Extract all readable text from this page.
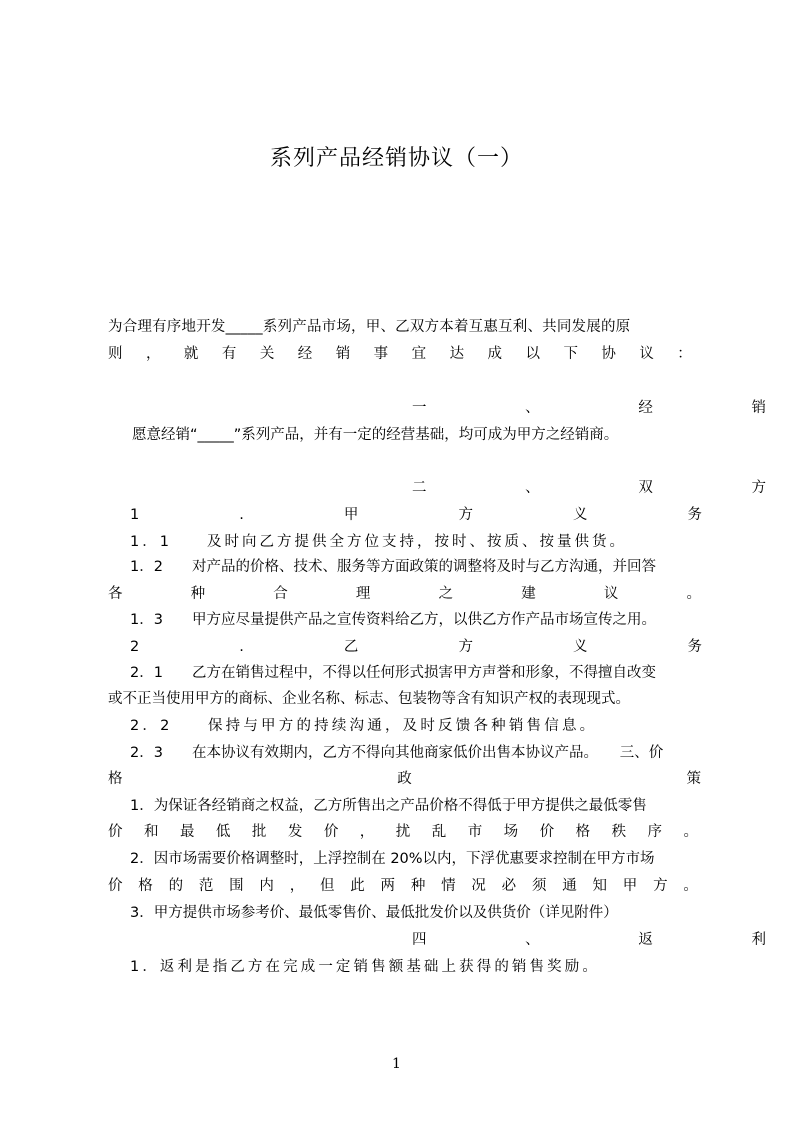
系列产品经销协议（一）
为合理有序地开发_____系列产品市场，甲、乙双方本着互惠互利、共同发展的原
则 ， 就 有 关 经 销 事 宜 达 成 以 下 协 议 ：
一	、	经	销
愿意经销“_____”系列产品，并有一定的经营基础，均可成为甲方之经销商。
二	、	双	方
1	.	甲	方	义	务
1．1　　及时向乙方提供全方位支持，按时、按质、按量供货。
1．2　　对产品的价格、技术、服务等方面政策的调整将及时与乙方沟通，并回答
各	种	合	理	之	建	议	。
1．3　　甲方应尽量提供产品之宣传资料给乙方，以供乙方作产品市场宣传之用。
2	.	乙	方	义	务
2．1　　乙方在销售过程中，不得以任何形式损害甲方声誉和形象，不得擅自改变
或不正当使用甲方的商标、企业名称、标志、包装物等含有知识产权的表现现式。
2．2　　保持与甲方的持续沟通，及时反馈各种销售信息。
2．3　　在本协议有效期内，乙方不得向其他商家低价出售本协议产品。　　三、价
格	政	策
1．为保证各经销商之权益，乙方所售出之产品价格不得低于甲方提供之最低零售
价 和 最 低 批 发 价 ， 扰 乱 市 场 价 格 秩 序 。
2．因市场需要价格调整时，上浮控制在 20%以内，下浮优惠要求控制在甲方市场
价 格 的 范 围 内 ， 但 此 两 种 情 况 必 须 通 知 甲 方 。
3．甲方提供市场参考价、最低零售价、最低批发价以及供货价（详见附件）
四	、	返	利
1．返利是指乙方在完成一定销售额基础上获得的销售奖励。
1
